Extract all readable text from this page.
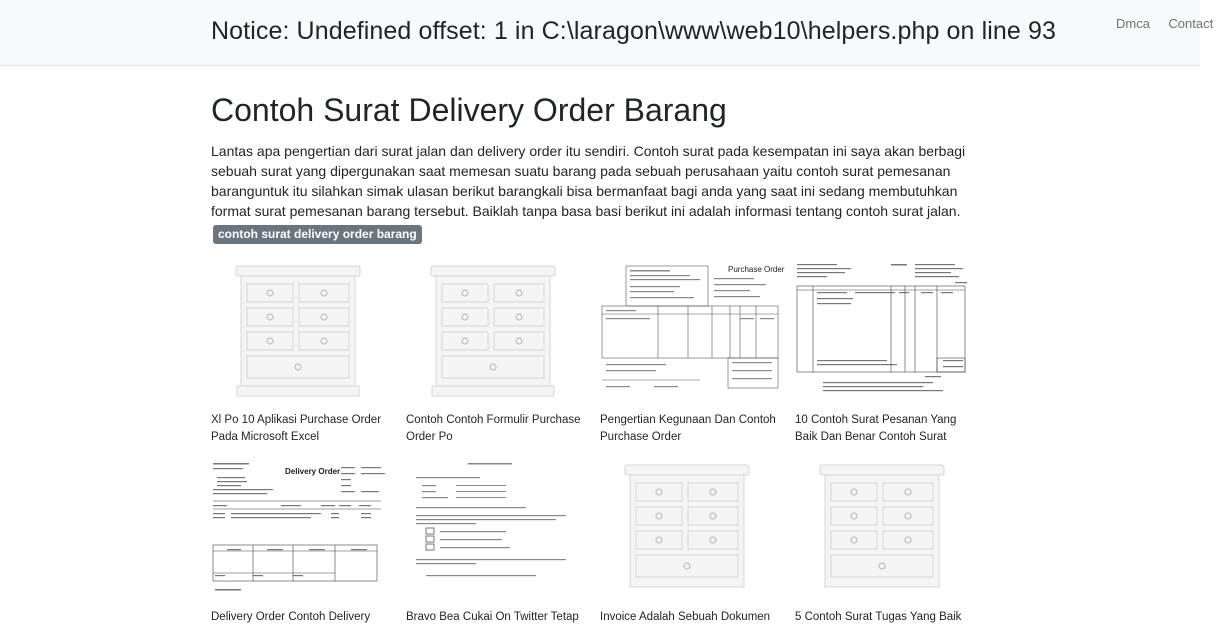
Notice: Undefined offset: 1 in C:\laragon\www\web10\helpers.php on line 93	Dmca Contact
Contoh Surat Delivery Order Barang

Lantas apa pengertian dari surat jalan dan delivery order itu sendiri. Contoh surat pada kesempatan ini saya akan berbagi sebuah surat yang dipergunakan saat memesan suatu barang pada sebuah perusahaan yaitu contoh surat pemesanan baranguntuk itu silahkan simak ulasan berikut barangkali bisa bermanfaat bagi anda yang saat ini sedang membutuhkan format surat pemesanan barang tersebut. Baiklah tanpa basa basi berikut ini adalah informasi tentang contoh surat jalan.

contoh surat delivery order barang
Xl Po 10 Aplikasi Purchase Order Pada Microsoft Excel
Contoh Contoh Formulir Purchase Order Po
Purchase Order
Pengertian Kegunaan Dan Contoh Purchase Order
10 Contoh Surat Pesanan Yang Baik Dan Benar Contoh Surat
Delivery Order
Delivery Order Contoh Delivery	Bravo Bea Cukai On Twitter Tetap	Invoice Adalah Sebuah Dokumen	5 Contoh Surat Tugas Yang Baik
